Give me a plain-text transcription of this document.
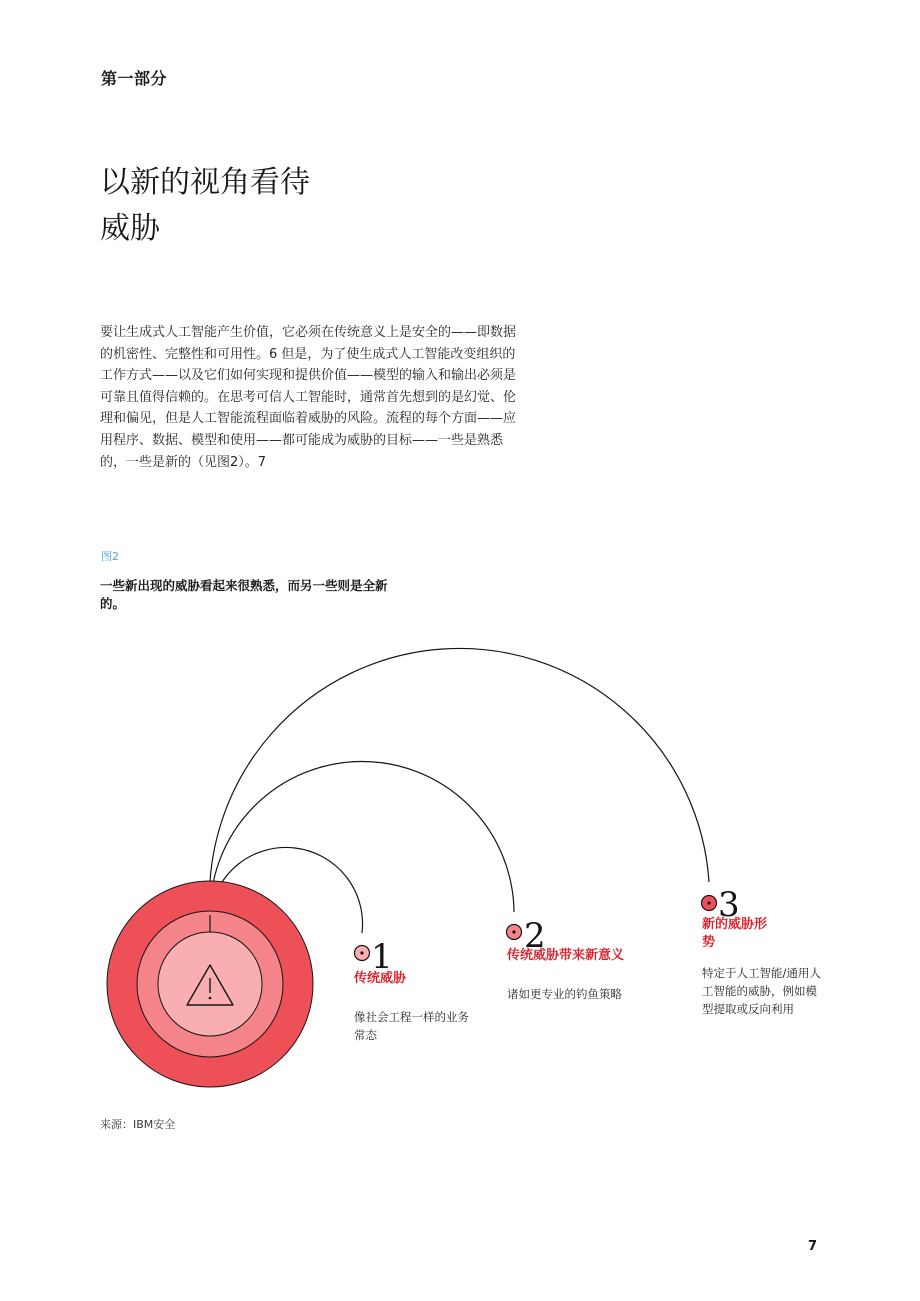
第一部分
以新的视角看待
威胁

要让生成式人工智能产生价值，它必须在传统意义上是安全的——即数据的机密性、完整性和可用性。6 但是，为了使生成式人工智能改变组织的工作方式——以及它们如何实现和提供价值——模型的输入和输出必须是可靠且值得信赖的。在思考可信人工智能时，通常首先想到的是幻觉、伦理和偏见，但是人工智能流程面临着威胁的风险。流程的每个方面——应用程序、数据、模型和使用——都可能成为威胁的目标——一些是熟悉的，一些是新的（见图2）。7

图2

一些新出现的威胁看起来很熟悉，而另一些则是全新的。

1
2
3

传统威胁

像社会工程一样的业务常态

传统威胁带来新意义

诸如更专业的钓鱼策略

新的威胁形势

特定于人工智能/通用人工智能的威胁，例如模型提取或反向利用

来源：IBM安全
7
